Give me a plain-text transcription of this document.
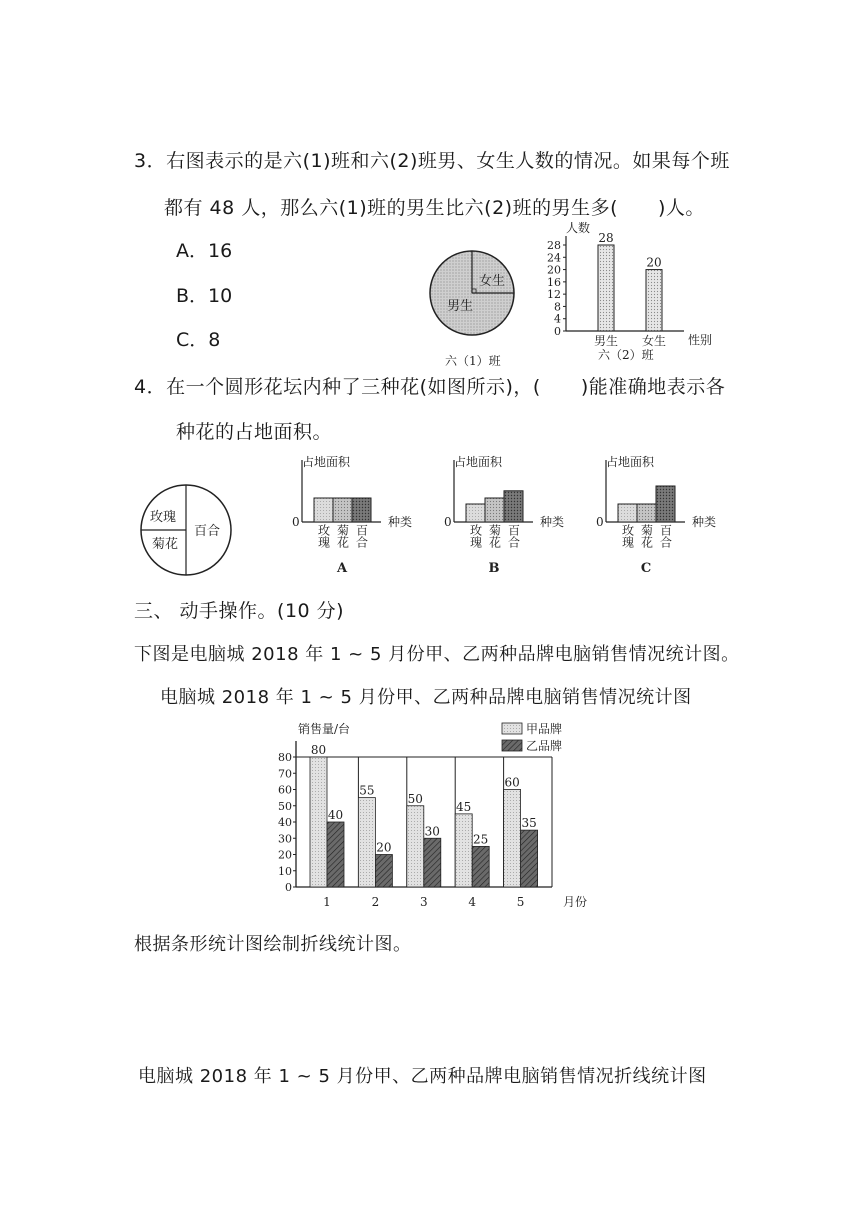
3．右图表示的是六(1)班和六(2)班男、女生人数的情况。如果每个班
都有 48 人，那么六(1)班的男生比六(2)班的男生多( )人。
A．16
B．10
C．8
女生
男生
六（1）班
人数
性别
六（2）班
0
4
8
12
16
20
24
28
28
男生
20
女生
4．在一个圆形花坛内种了三种花(如图所示)，( )能准确地表示各
种花的占地面积。
玫瑰
菊花
百合
占地面积
0	种类
玫瑰 菊花 百合
A
占地面积
0	种类
玫瑰 菊花 百合
B
占地面积
0	种类
玫瑰 菊花 百合
C
三、 动手操作。(10 分)
下图是电脑城 2018 年 1 ~ 5 月份甲、乙两种品牌电脑销售情况统计图。
电脑城 2018 年 1 ~ 5 月份甲、乙两种品牌电脑销售情况统计图
销售量/台
0
10
20
30
40
50
60
70
80
80
40
1
55
20
2
50
30
3
45
25
4
60
35
5	月份
甲品牌
乙品牌
根据条形统计图绘制折线统计图。
电脑城 2018 年 1 ~ 5 月份甲、乙两种品牌电脑销售情况折线统计图
